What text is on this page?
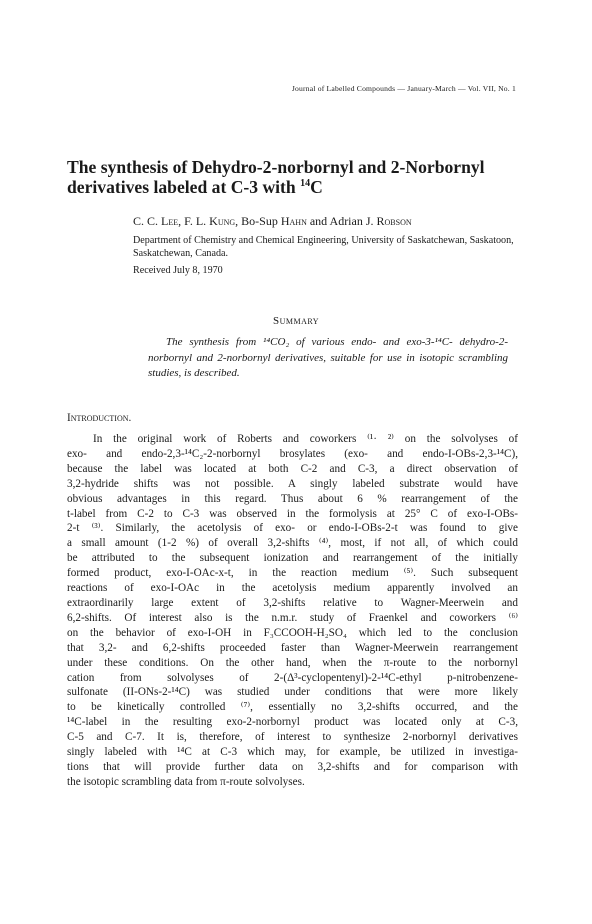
Journal of Labelled Compounds — January-March — Vol. VII, No. 1
The synthesis of Dehydro-2-norbornyl and 2-Norbornyl derivatives labeled at C-3 with $^{14}$C
C. C. Lee, F. L. Kung, Bo-Sup Hahn and Adrian J. Robson
Department of Chemistry and Chemical Engineering, University of Saskatchewan, Saskatoon, Saskatchewan, Canada.
Received July 8, 1970
Summary

The synthesis from ¹⁴CO₂ of various endo- and exo-3-¹⁴C- dehydro-2-norbornyl and 2-norbornyl derivatives, suitable for use in isotopic scrambling studies, is described.

Introduction.
In the original work of Roberts and coworkers ⁽¹· ²⁾ on the solvolyses of
exo- and endo-2,3-¹⁴C₂-2-norbornyl brosylates (exo- and endo-I-OBs-2,3-¹⁴C),
because the label was located at both C-2 and C-3, a direct observation of
3,2-hydride shifts was not possible. A singly labeled substrate would have
obvious advantages in this regard. Thus about 6 % rearrangement of the
t-label from C-2 to C-3 was observed in the formolysis at 25° C of exo-I-OBs-
2-t ⁽³⁾. Similarly, the acetolysis of exo- or endo-I-OBs-2-t was found to give
a small amount (1-2 %) of overall 3,2-shifts ⁽⁴⁾, most, if not all, of which could
be attributed to the subsequent ionization and rearrangement of the initially
formed product, exo-I-OAc-x-t, in the reaction medium ⁽⁵⁾. Such subsequent
reactions of exo-I-OAc in the acetolysis medium apparently involved an
extraordinarily large extent of 3,2-shifts relative to Wagner-Meerwein and
6,2-shifts. Of interest also is the n.m.r. study of Fraenkel and coworkers ⁽⁶⁾
on the behavior of exo-I-OH in F₃CCOOH-H₂SO₄ which led to the conclusion
that 3,2- and 6,2-shifts proceeded faster than Wagner-Meerwein rearrangement
under these conditions. On the other hand, when the π-route to the norbornyl
cation from solvolyses of 2-(Δ³-cyclopentenyl)-2-¹⁴C-ethyl p-nitrobenzene-
sulfonate (II-ONs-2-¹⁴C) was studied under conditions that were more likely
to be kinetically controlled ⁽⁷⁾, essentially no 3,2-shifts occurred, and the
¹⁴C-label in the resulting exo-2-norbornyl product was located only at C-3,
C-5 and C-7. It is, therefore, of interest to synthesize 2-norbornyl derivatives
singly labeled with ¹⁴C at C-3 which may, for example, be utilized in investiga-
tions that will provide further data on 3,2-shifts and for comparison with
the isotopic scrambling data from π-route solvolyses.
